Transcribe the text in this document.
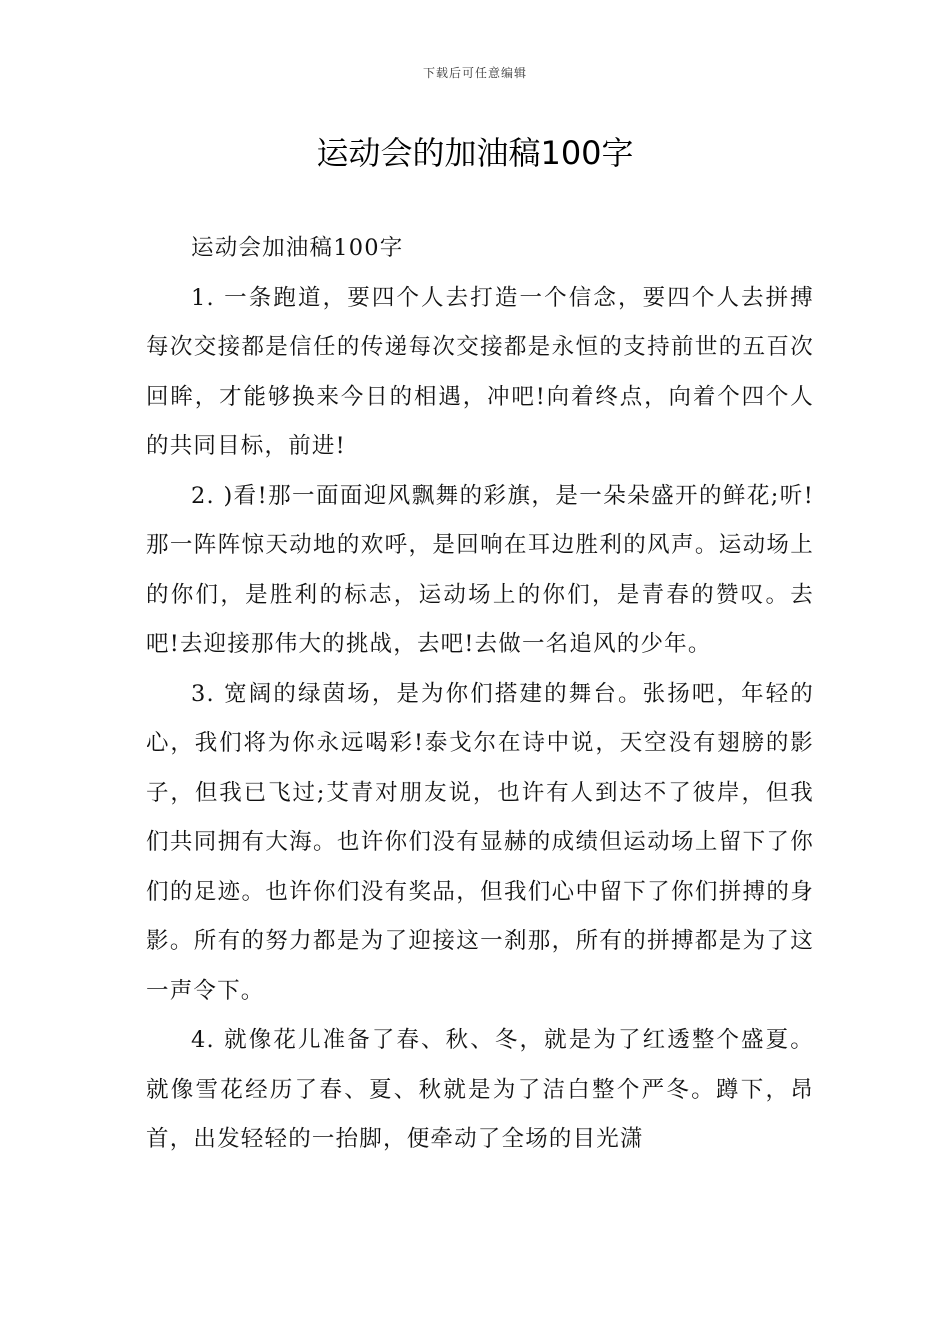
下载后可任意编辑
运动会的加油稿100字

运动会加油稿100字

1. 一条跑道，要四个人去打造一个信念，要四个人去拼搏每次交接都是信任的传递每次交接都是永恒的支持前世的五百次回眸，才能够换来今日的相遇，冲吧!向着终点，向着个四个人的共同目标，前进!

2. )看!那一面面迎风飘舞的彩旗，是一朵朵盛开的鲜花;听!那一阵阵惊天动地的欢呼，是回响在耳边胜利的风声。运动场上的你们，是胜利的标志，运动场上的你们，是青春的赞叹。去吧!去迎接那伟大的挑战，去吧!去做一名追风的少年。

3. 宽阔的绿茵场，是为你们搭建的舞台。张扬吧，年轻的心，我们将为你永远喝彩!泰戈尔在诗中说，天空没有翅膀的影子，但我已飞过;艾青对朋友说，也许有人到达不了彼岸，但我们共同拥有大海。也许你们没有显赫的成绩但运动场上留下了你们的足迹。也许你们没有奖品，但我们心中留下了你们拼搏的身影。所有的努力都是为了迎接这一刹那，所有的拼搏都是为了这一声令下。

4. 就像花儿准备了春、秋、冬，就是为了红透整个盛夏。就像雪花经历了春、夏、秋就是为了洁白整个严冬。蹲下，昂首，出发轻轻的一抬脚，便牵动了全场的目光潇
